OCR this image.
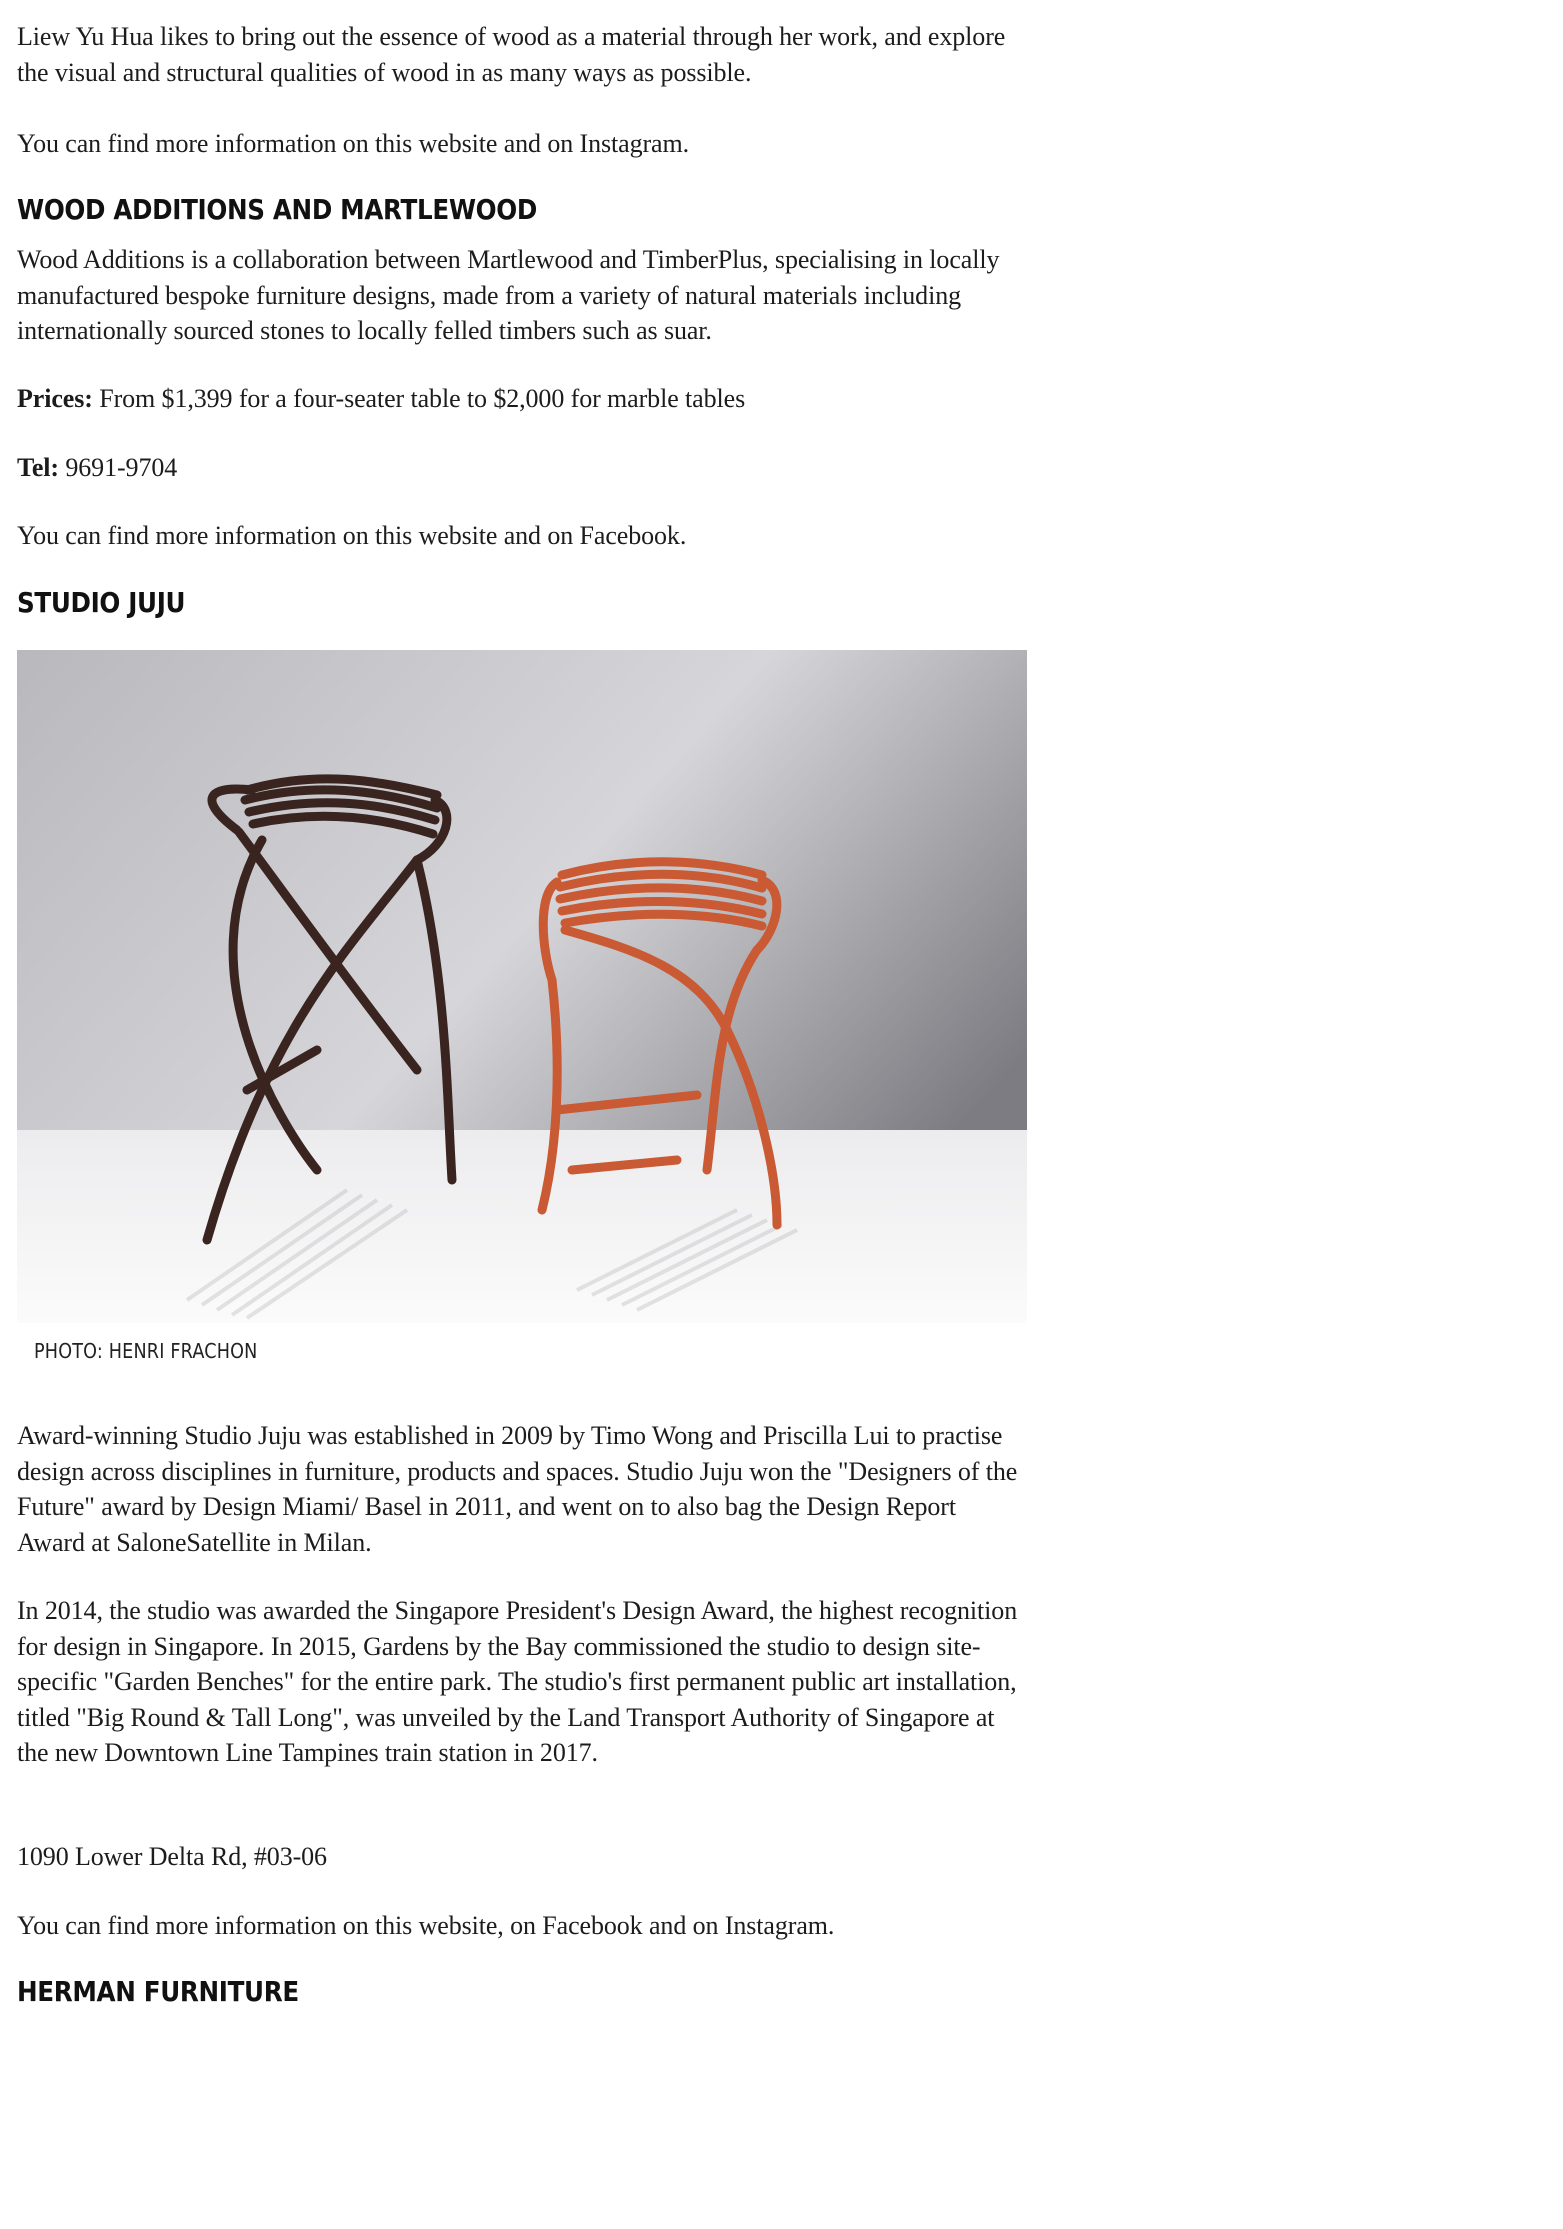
Liew Yu Hua likes to bring out the essence of wood as a material through her work, and explore the visual and structural qualities of wood in as many ways as possible.

You can find more information on this website and on Instagram.

WOOD ADDITIONS AND MARTLEWOOD

Wood Additions is a collaboration between Martlewood and TimberPlus, specialising in locally manufactured bespoke furniture designs, made from a variety of natural materials including internationally sourced stones to locally felled timbers such as suar.

Prices: From $1,399 for a four-seater table to $2,000 for marble tables

Tel: 9691-9704

You can find more information on this website and on Facebook.

STUDIO JUJU
PHOTO: HENRI FRACHON

Award-winning Studio Juju was established in 2009 by Timo Wong and Priscilla Lui to practise design across disciplines in furniture, products and spaces. Studio Juju won the "Designers of the Future" award by Design Miami/ Basel in 2011, and went on to also bag the Design Report Award at SaloneSatellite in Milan.

In 2014, the studio was awarded the Singapore President's Design Award, the highest recognition for design in Singapore. In 2015, Gardens by the Bay commissioned the studio to design site-specific "Garden Benches" for the entire park. The studio's first permanent public art installation, titled "Big Round & Tall Long", was unveiled by the Land Transport Authority of Singapore at the new Downtown Line Tampines train station in 2017.

1090 Lower Delta Rd, #03-06

You can find more information on this website, on Facebook and on Instagram.

HERMAN FURNITURE
